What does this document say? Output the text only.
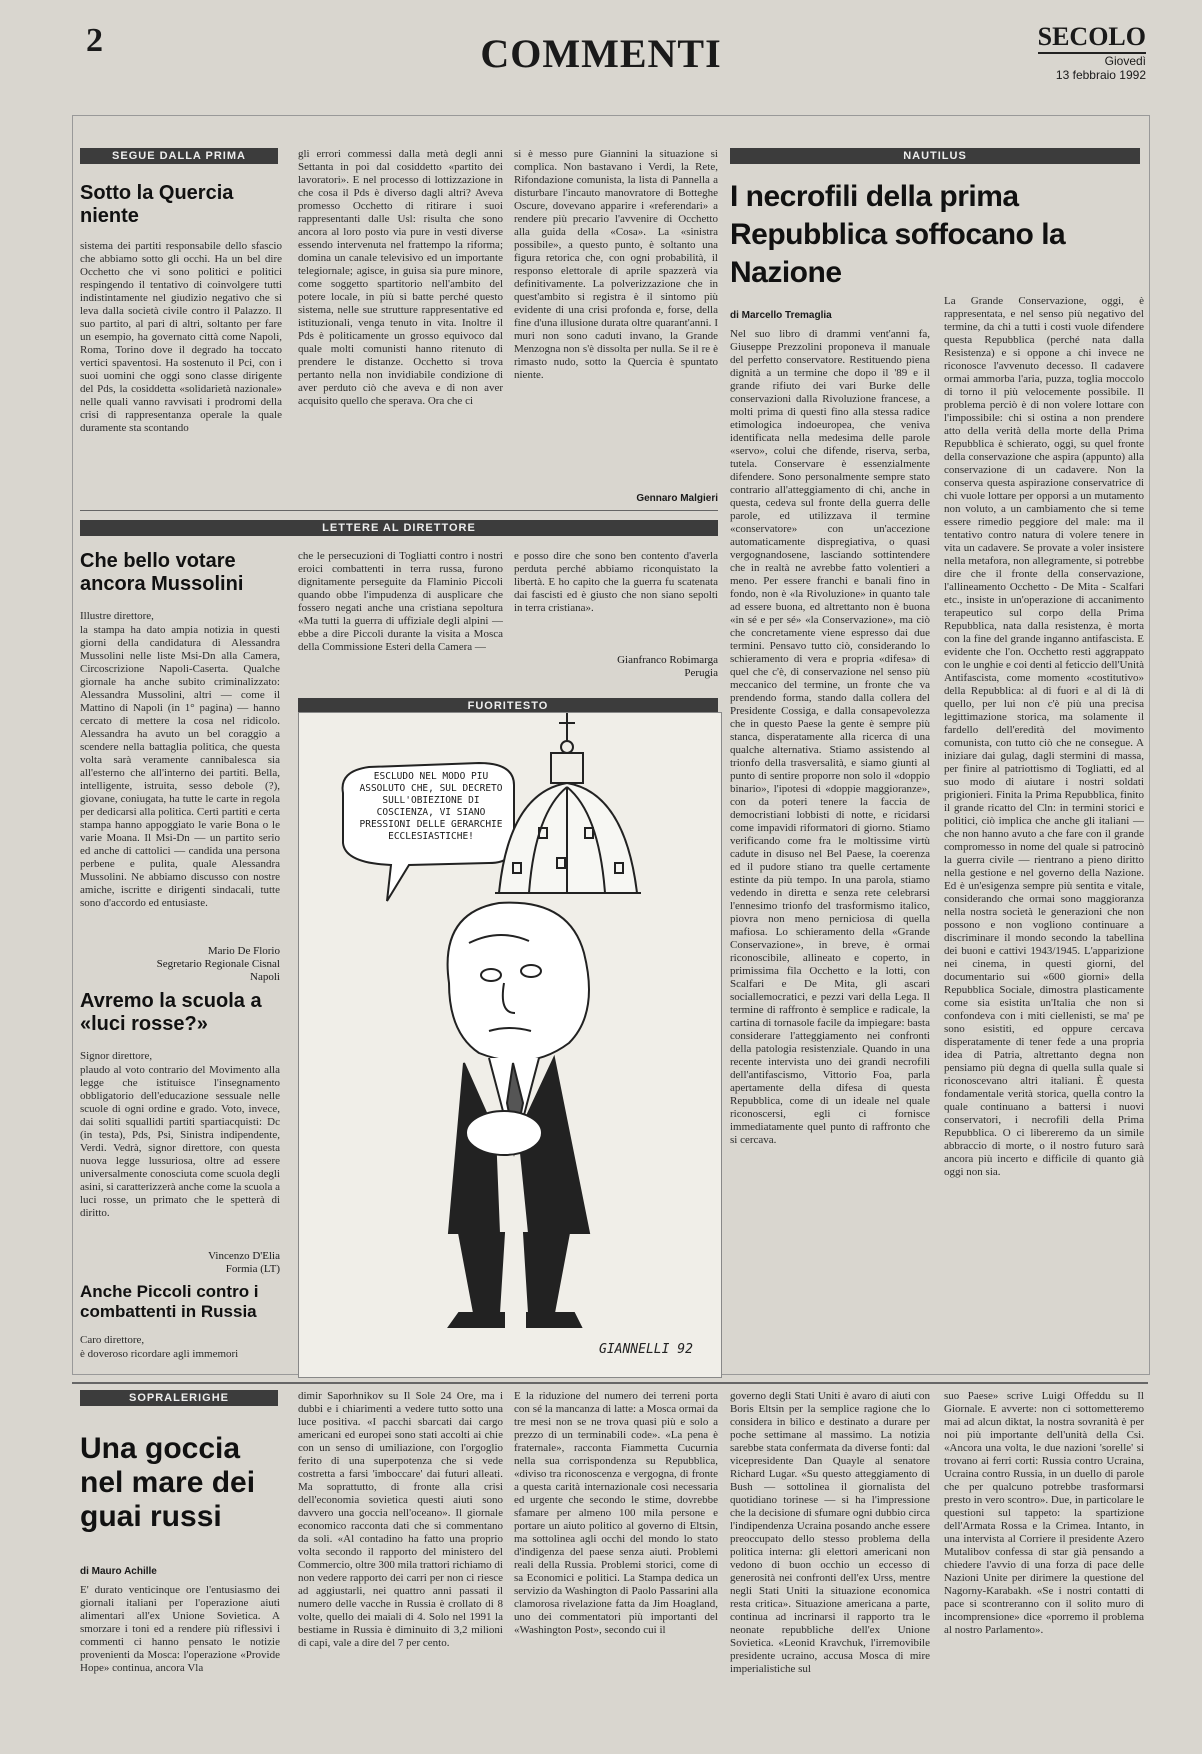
2	COMMENTI	SECOLO
Giovedì
13 febbraio 1992
SEGUE DALLA PRIMA
Sotto la Quercia niente
sistema dei partiti responsabile dello sfascio che abbiamo sotto gli occhi. Ha un bel dire Occhetto che vi sono politici e politici respingendo il tentativo di coinvolgere tutti indistintamente nel giudizio negativo che si leva dalla società civile contro il Palazzo. Il suo partito, al pari di altri, soltanto per fare un esempio, ha governato città come Napoli, Roma, Torino dove il degrado ha toccato vertici spaventosi. Ha sostenuto il Pci, con i suoi uomini che oggi sono classe dirigente del Pds, la cosiddetta «solidarietà nazionale» nelle quali vanno ravvisati i prodromi della crisi di rappresentanza operale la quale duramente sta scontando
gli errori commessi dalla metà degli anni Settanta in poi dal cosiddetto «partito dei lavoratori». E nel processo di lottizzazione in che cosa il Pds è diverso dagli altri? Aveva promesso Occhetto di ritirare i suoi rappresentanti dalle Usl: risulta che sono ancora al loro posto via pure in vesti diverse essendo intervenuta nel frattempo la riforma; domina un canale televisivo ed un importante telegiornale; agisce, in guisa sia pure minore, come soggetto spartitorio nell'ambito del potere locale, in più si batte perché questo sistema, nelle sue strutture rappresentative ed istituzionali, venga tenuto in vita. Inoltre il Pds è politicamente un grosso equivoco dal quale molti comunisti hanno ritenuto di prendere le distanze. Occhetto si trova pertanto nella non invidiabile condizione di aver perduto ciò che aveva e di non aver acquisito quello che sperava. Ora che ci
si è messo pure Giannini la situazione si complica. Non bastavano i Verdi, la Rete, Rifondazione comunista, la lista di Pannella a disturbare l'incauto manovratore di Botteghe Oscure, dovevano apparire i «referendari» a rendere più precario l'avvenire di Occhetto alla guida della «Cosa». La «sinistra possibile», a questo punto, è soltanto una figura retorica che, con ogni probabilità, il responso elettorale di aprile spazzerà via definitivamente. La polverizzazione che in quest'ambito si registra è il sintomo più evidente di una crisi profonda e, forse, della fine d'una illusione durata oltre quarant'anni. I muri non sono caduti invano, la Grande Menzogna non s'è dissolta per nulla. Se il re è rimasto nudo, sotto la Quercia è spuntato niente.
Gennaro Malgieri
NAUTILUS
I necrofili della prima Repubblica soffocano la Nazione
di Marcello Tremaglia
Nel suo libro di drammi vent'anni fa, Giuseppe Prezzolini proponeva il manuale del perfetto conservatore. Restituendo piena dignità a un termine che dopo il '89 e il grande rifiuto dei vari Burke delle conservazioni dalla Rivoluzione francese, a molti prima di questi fino alla stessa radice etimologica indoeuropea, che veniva identificata nella medesima delle parole «servo», colui che difende, riserva, serba, tutela. Conservare è essenzialmente difendere. Sono personalmente sempre stato contrario all'atteggiamento di chi, anche in questa, cedeva sul fronte della guerra delle parole, ed utilizzava il termine «conservatore» con un'accezione automaticamente dispregiativa, o quasi vergognandosene, lasciando sottintendere che in realtà ne avrebbe fatto volentieri a meno. Per essere franchi e banali fino in fondo, non è «la Rivoluzione» in quanto tale ad essere buona, ed altrettanto non è buona «in sé e per sé» «la Conservazione», ma ciò che concretamente viene espresso dai due termini. Pensavo tutto ciò, considerando lo schieramento di vera e propria «difesa» di quel che c'è, di conservazione nel senso più meccanico del termine, un fronte che va prendendo forma, stando dalla collera del Presidente Cossiga, e dalla consapevolezza che in questo Paese la gente è sempre più stanca, disperatamente alla ricerca di una qualche alternativa. Stiamo assistendo al trionfo della trasversalità, e siamo giunti al punto di sentire proporre non solo il «doppio binario», l'ipotesi di «doppie maggioranze», con da poteri tenere la faccia de democristiani lobbisti di notte, e ricidarsi come impavidi riformatori di giorno. Stiamo verificando come fra le moltissime virtù cadute in disuso nel Bel Paese, la coerenza ed il pudore stiano tra quelle certamente estinte da più tempo. In una parola, stiamo vedendo in diretta e senza rete celebrarsi l'ennesimo trionfo del trasformismo italico, piovra non meno perniciosa di quella mafiosa. Lo schieramento della «Grande Conservazione», in breve, è ormai riconoscibile, allineato e coperto, in primissima fila Occhetto e la lotti, con Scalfari e De Mita, gli ascari sociallemocratici, e pezzi vari della Lega. Il termine di raffronto è semplice e radicale, la cartina di tornasole facile da impiegare: basta considerare l'atteggiamento nei confronti della patologia resistenziale. Quando in una recente intervista uno dei grandi necrofili dell'antifascismo, Vittorio Foa, parla apertamente della difesa di questa Repubblica, come di un ideale nel quale riconoscersi, egli ci fornisce immediatamente quel punto di raffronto che si cercava.
La Grande Conservazione, oggi, è rappresentata, e nel senso più negativo del termine, da chi a tutti i costi vuole difendere questa Repubblica (perché nata dalla Resistenza) e si oppone a chi invece ne riconosce l'avvenuto decesso. Il cadavere ormai ammorba l'aria, puzza, toglia moccolo di torno il più velocemente possibile. Il problema perciò è di non volere lottare con l'impossibile: chi si ostina a non prendere atto della verità della morte della Prima Repubblica è schierato, oggi, su quel fronte della conservazione che aspira (appunto) alla conservazione di un cadavere. Non la conserva questa aspirazione conservatrice di chi vuole lottare per opporsi a un mutamento non voluto, a un cambiamento che si teme essere rimedio peggiore del male: ma il tentativo contro natura di volere tenere in vita un cadavere. Se provate a voler insistere nella metafora, non allegramente, si potrebbe dire che il fronte della conservazione, l'allineamento Occhetto - De Mita - Scalfari etc., insiste in un'operazione di accanimento terapeutico sul corpo della Prima Repubblica, nata dalla resistenza, è morta con la fine del grande inganno antifascista. E evidente che l'on. Occhetto resti aggrappato con le unghie e coi denti al feticcio dell'Unità Antifascista, come momento «costitutivo» della Repubblica: al di fuori e al di là di quello, per lui non c'è più una precisa legittimazione storica, ma solamente il fardello dell'eredità del movimento comunista, con tutto ciò che ne consegue. A iniziare dai gulag, dagli stermini di massa, per finire al patriottismo di Togliatti, ed al suo modo di aiutare i nostri soldati prigionieri. Finita la Prima Repubblica, finito il grande ricatto del Cln: in termini storici e politici, ciò implica che anche gli italiani — che non hanno avuto a che fare con il grande compromesso in nome del quale si patrocinò la guerra civile — rientrano a pieno diritto nella gestione e nel governo della Nazione. Ed è un'esigenza sempre più sentita e vitale, considerando che ormai sono maggioranza nella nostra società le generazioni che non possono e non vogliono continuare a discriminare il mondo secondo la tabellina dei buoni e cattivi 1943/1945. L'apparizione nei cinema, in questi giorni, del documentario sui «600 giorni» della Repubblica Sociale, dimostra plasticamente come sia esistita un'Italia che non si confondeva con i miti ciellenisti, se ma' pe sono esistiti, ed oppure cercava disperatamente di tener fede a una propria idea di Patria, altrettanto degna non pensiamo più degna di quella sulla quale si riconoscevano altri italiani. È questa fondamentale verità storica, quella contro la quale continuano a battersi i nuovi conservatori, i necrofili della Prima Repubblica. O ci libereremo da un simile abbraccio di morte, o il nostro futuro sarà ancora più incerto e difficile di quanto già oggi non sia.
LETTERE AL DIRETTORE
Che bello votare ancora Mussolini
Illustre direttore,
la stampa ha dato ampia notizia in questi giorni della candidatura di Alessandra Mussolini nelle liste Msi-Dn alla Camera, Circoscrizione Napoli-Caserta. Qualche giornale ha anche subito criminalizzato: Alessandra Mussolini, altri — come il Mattino di Napoli (in 1° pagina) — hanno cercato di mettere la cosa nel ridicolo. Alessandra ha avuto un bel coraggio a scendere nella battaglia politica, che questa volta sarà veramente cannibalesca sia all'esterno che all'interno dei partiti. Bella, intelligente, istruita, sesso debole (?), giovane, coniugata, ha tutte le carte in regola per dedicarsi alla politica. Certi partiti e certa stampa hanno appoggiato le varie Bona o le varie Moana. Il Msi-Dn — un partito serio ed anche di cattolici — candida una persona perbene e pulita, quale Alessandra Mussolini. Ne abbiamo discusso con nostre amiche, iscritte e dirigenti sindacali, tutte sono d'accordo ed entusiaste.
Mario De Florio
Segretario Regionale Cisnal
Napoli
che le persecuzioni di Togliatti contro i nostri eroici combattenti in terra russa, furono dignitamente perseguite da Flaminio Piccoli quando obbe l'impudenza di ausplicare che fossero negati anche una cristiana sepoltura «Ma tutti la guerra di uffiziale degli alpini — ebbe a dire Piccoli durante la visita a Mosca della Commissione Esteri della Camera —
e posso dire che sono ben contento d'averla perduta perché abbiamo riconquistato la libertà. E ho capito che la guerra fu scatenata dai fascisti ed è giusto che non siano sepolti in terra cristiana».
Gianfranco Robimarga
Perugia
Avremo la scuola a «luci rosse?»
Signor direttore,
plaudo al voto contrario del Movimento alla legge che istituisce l'insegnamento obbligatorio dell'educazione sessuale nelle scuole di ogni ordine e grado. Voto, invece, dai soliti squallidi partiti spartiacquisti: Dc (in testa), Pds, Psi, Sinistra indipendente, Verdi. Vedrà, signor direttore, con questa nuova legge lussuriosa, oltre ad essere universalmente conosciuta come scuola degli asini, si caratterizzerà anche come la scuola a luci rosse, un primato che le spetterà di diritto.
Vincenzo D'Elia
Formia (LT)
Anche Piccoli contro i combattenti in Russia
Caro direttore,
è doveroso ricordare agli immemori
FUORITESTO
ESCLUDO NEL MODO PIÙ ASSOLUTO CHE, SUL DECRETO SULL'OBIEZIONE DI COSCIENZA, VI SIANO PRESSIONI DELLE GERARCHIE ECCLESIASTICHE!
GIANNELLI 92
SOPRALERIGHE
Una goccia nel mare dei guai russi
di Mauro Achille
E' durato venticinque ore l'entusiasmo dei giornali italiani per l'operazione aiuti alimentari all'ex Unione Sovietica. A smorzare i toni ed a rendere più riflessivi i commenti ci hanno pensato le notizie provenienti da Mosca: l'operazione «Provide Hope» continua, ancora Vla
dimir Saporhnikov su Il Sole 24 Ore, ma i dubbi e i chiarimenti a vedere tutto sotto una luce positiva. «I pacchi sbarcati dai cargo americani ed europei sono stati accolti ai chie con un senso di umiliazione, con l'orgoglio ferito di una superpotenza che si vede costretta a farsi 'imboccare' dai futuri alleati. Ma soprattutto, di fronte alla crisi dell'economia sovietica questi aiuti sono davvero una goccia nell'oceano». Il giornale economico racconta dati che si commentano da soli. «Al contadino ha fatto una proprio volta secondo il rapporto del ministero del Commercio, oltre 300 mila trattori richiamo di non vedere rapporto dei carri per non ci riesce ad aggiustarli, nei quattro anni passati il numero delle vacche in Russia è crollato di 8 volte, quello dei maiali di 4. Solo nel 1991 la bestiame in Russia è diminuito di 3,2 milioni di capi, vale a dire del 7 per cento.
E la riduzione del numero dei terreni porta con sé la mancanza di latte: a Mosca ormai da tre mesi non se ne trova quasi più e solo a prezzo di un terminabili code». «La pena è fraternale», racconta Fiammetta Cucurnia nella sua corrispondenza su Repubblica, «diviso tra riconoscenza e vergogna, di fronte a questa carità internazionale così necessaria ed urgente che secondo le stime, dovrebbe sfamare per almeno 100 mila persone e portare un aiuto politico al governo di Eltsin, ma sottolinea agli occhi del mondo lo stato d'indigenza del paese senza aiuti. Problemi reali della Russia. Problemi storici, come di sa Economici e politici. La Stampa dedica un servizio da Washington di Paolo Passarini alla clamorosa rivelazione fatta da Jim Hoagland, uno dei commentatori più importanti del «Washington Post», secondo cui il
governo degli Stati Uniti è avaro di aiuti con Boris Eltsin per la semplice ragione che lo considera in bilico e destinato a durare per poche settimane al massimo. La notizia sarebbe stata confermata da diverse fonti: dal vicepresidente Dan Quayle al senatore Richard Lugar. «Su questo atteggiamento di Bush — sottolinea il giornalista del quotidiano torinese — si ha l'impressione che la decisione di sfumare ogni dubbio circa l'indipendenza Ucraina posando anche essere preoccupato dello stesso problema della politica interna: gli elettori americani non vedono di buon occhio un eccesso di generosità nei confronti dell'ex Urss, mentre negli Stati Uniti la situazione economica resta critica». Situazione americana a parte, continua ad incrinarsi il rapporto tra le neonate repubbliche dell'ex Unione Sovietica. «Leonid Kravchuk, l'irremovibile presidente ucraino, accusa Mosca di mire imperialistiche sul
suo Paese» scrive Luigi Offeddu su Il Giornale. E avverte: non ci sottometteremo mai ad alcun diktat, la nostra sovranità è per noi più importante dell'unità della Csi. «Ancora una volta, le due nazioni 'sorelle' si trovano ai ferri corti: Russia contro Ucraina, Ucraina contro Russia, in un duello di parole che per qualcuno potrebbe trasformarsi presto in vero scontro». Due, in particolare le questioni sul tappeto: la spartizione dell'Armata Rossa e la Crimea. Intanto, in una intervista al Corriere il presidente Azero Mutalibov confessa di star già pensando a chiedere l'avvio di una forza di pace delle Nazioni Unite per dirimere la questione del Nagorny-Karabakh. «Se i nostri contatti di pace si scontreranno con il solito muro di incomprensione» dice «porremo il problema al nostro Parlamento».
